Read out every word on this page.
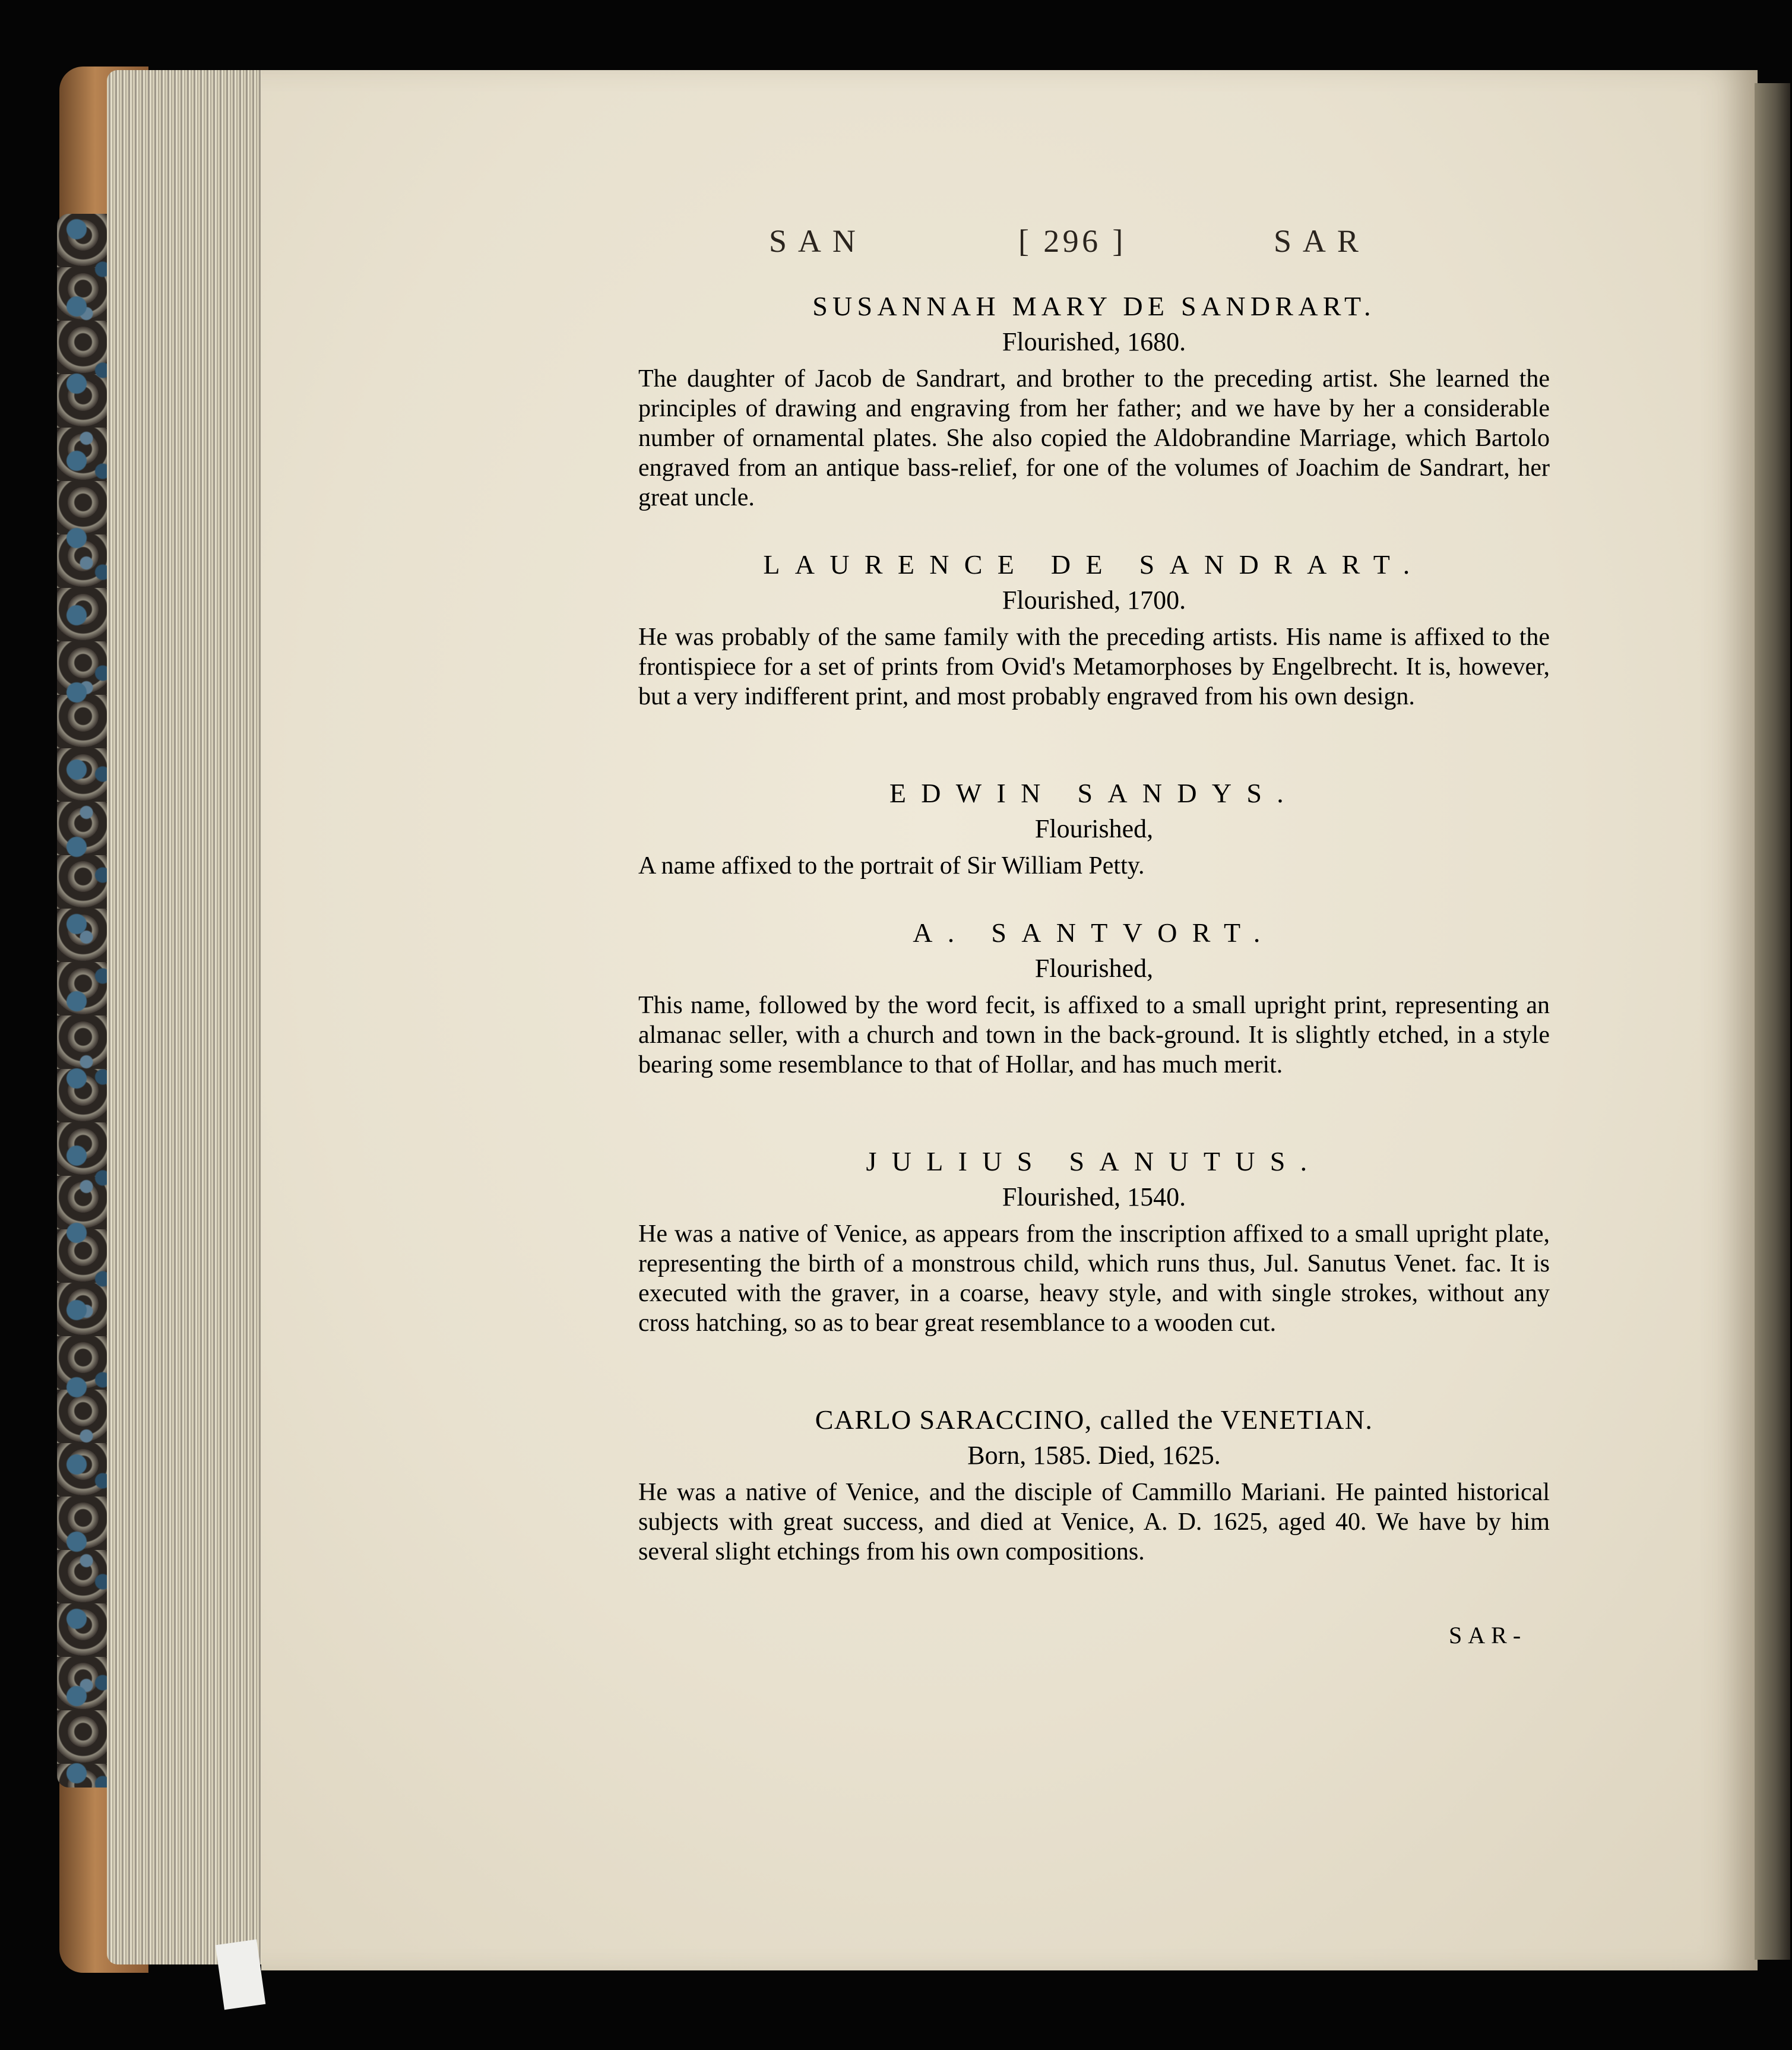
SAN	[ 296 ]	SAR

SUSANNAH MARY DE SANDRART.

Flourished, 1680.

The daughter of Jacob de Sandrart, and brother to the preceding artist. She learned the principles of drawing and engraving from her father; and we have by her a considerable number of ornamental plates. She also copied the Aldobrandine Marriage, which Bartolo engraved from an antique bass-relief, for one of the volumes of Joachim de Sandrart, her great uncle.

LAURENCE DE SANDRART.

Flourished, 1700.

He was probably of the same family with the preceding artists. His name is affixed to the frontispiece for a set of prints from Ovid's Metamorphoses by Engelbrecht. It is, however, but a very indifferent print, and most probably engraved from his own design.

EDWIN SANDYS.

Flourished,

A name affixed to the portrait of Sir William Petty.

A. SANTVORT.

Flourished,

This name, followed by the word fecit, is affixed to a small upright print, representing an almanac seller, with a church and town in the back-ground. It is slightly etched, in a style bearing some resemblance to that of Hollar, and has much merit.

JULIUS SANUTUS.

Flourished, 1540.

He was a native of Venice, as appears from the inscription affixed to a small upright plate, representing the birth of a monstrous child, which runs thus, Jul. Sanutus Venet. fac. It is executed with the graver, in a coarse, heavy style, and with single strokes, without any cross hatching, so as to bear great resemblance to a wooden cut.

CARLO SARACCINO, called the VENETIAN.

Born, 1585. Died, 1625.

He was a native of Venice, and the disciple of Cammillo Mariani. He painted historical subjects with great success, and died at Venice, A. D. 1625, aged 40. We have by him several slight etchings from his own compositions.

SAR-
